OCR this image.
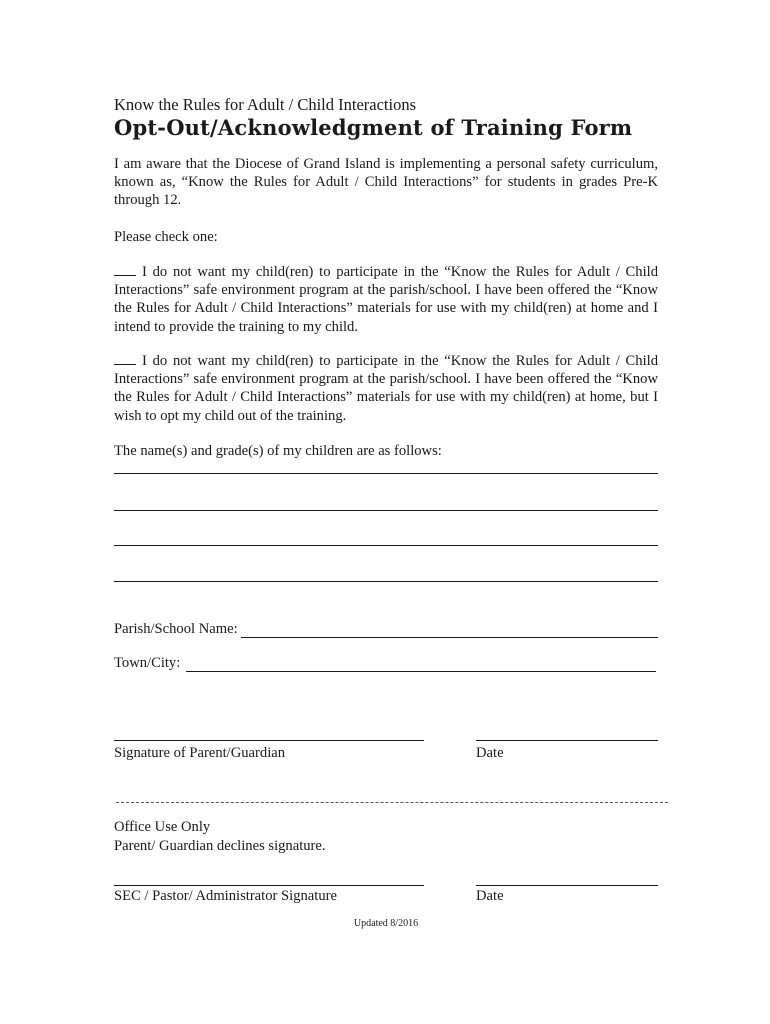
Know the Rules for Adult / Child Interactions
Opt-Out/Acknowledgment of Training Form
I am aware that the Diocese of Grand Island is implementing a personal safety curriculum, known as, “Know the Rules for Adult / Child Interactions” for students in grades Pre-K through 12.
Please check one:
I do not want my child(ren) to participate in the “Know the Rules for Adult / Child Interactions” safe environment program at the parish/school. I have been offered the “Know the Rules for Adult / Child Interactions” materials for use with my child(ren) at home and I intend to provide the training to my child.
I do not want my child(ren) to participate in the “Know the Rules for Adult / Child Interactions” safe environment program at the parish/school. I have been offered the “Know the Rules for Adult / Child Interactions” materials for use with my child(ren) at home, but I wish to opt my child out of the training.
The name(s) and grade(s) of my children are as follows:
Parish/School Name:
Town/City:
Signature of Parent/Guardian	Date
Office Use Only
Parent/ Guardian declines signature.
SEC / Pastor/ Administrator Signature	Date
Updated 8/2016
